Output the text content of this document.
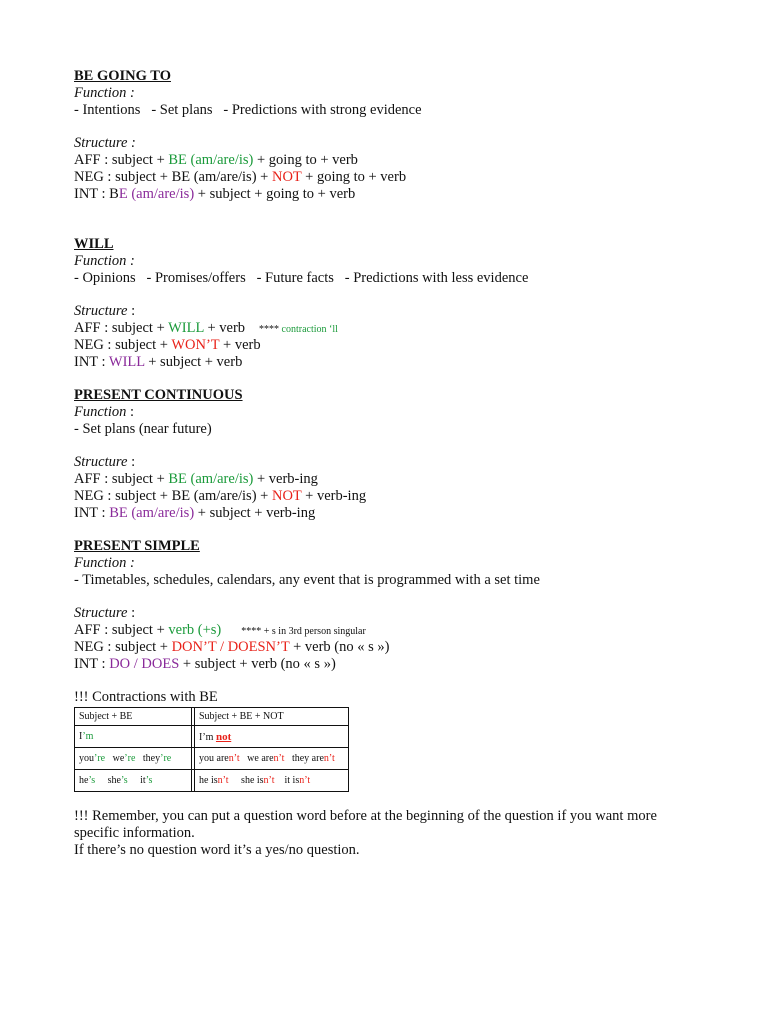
BE GOING TO
Function :
- Intentions   - Set plans   - Predictions with strong evidence
Structure :
AFF : subject + BE (am/are/is) + going to + verb
NEG : subject + BE (am/are/is) + NOT + going to + verb
INT : BE (am/are/is) + subject + going to + verb
WILL
Function :
- Opinions   - Promises/offers   - Future facts   - Predictions with less evidence
Structure :
AFF : subject + WILL + verb **** contraction ‘ll
NEG : subject + WON’T + verb
INT : WILL + subject + verb
PRESENT CONTINUOUS
Function :
- Set plans (near future)
Structure :
AFF : subject + BE (am/are/is) + verb-ing
NEG : subject + BE (am/are/is) + NOT + verb-ing
INT : BE (am/are/is) + subject + verb-ing
PRESENT SIMPLE
Function :
- Timetables, schedules, calendars, any event that is programmed with a set time
Structure :
AFF : subject + verb (+s) **** + s in 3rd person singular
NEG : subject + DON’T / DOESN’T + verb (no « s »)
INT : DO / DOES + subject + verb (no « s »)
!!! Contractions with BE
Subject + BE		Subject + BE + NOT
I’m		I’m not
you’re   we’re   they’re		you aren’t   we aren’t   they aren’t
he’s     she’s     it’s		he isn’t     she isn’t    it isn’t
!!! Remember, you can put a question word before at the beginning of the question if you want more specific information.
If there’s no question word it’s a yes/no question.
